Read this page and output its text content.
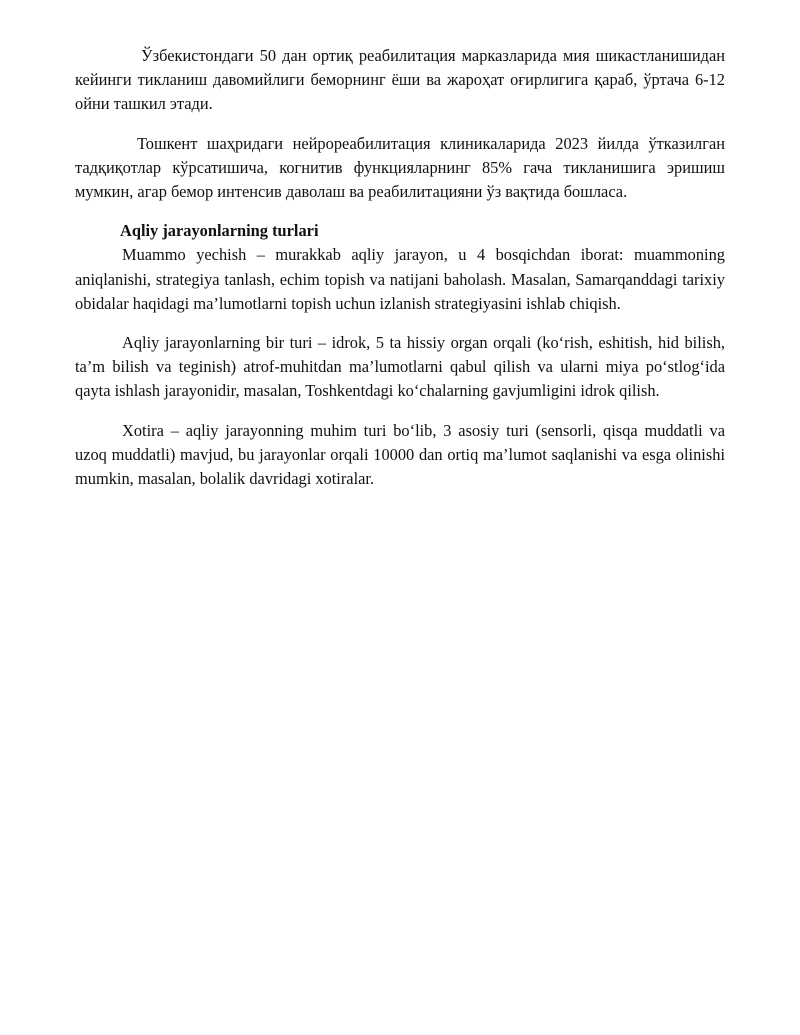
Ўзбекистондаги 50 дан ортиқ реабилитация марказларида мия шикастланишидан кейинги тикланиш давомийлиги беморнинг ёши ва жароҳат оғирлигига қараб, ўртача 6-12 ойни ташкил этади.

Тошкент шаҳридаги нейрореабилитация клиникаларида 2023 йилда ўтказилган тадқиқотлар кўрсатишича, когнитив функцияларнинг 85% гача тикланишига эришиш мумкин, агар бемор интенсив даволаш ва реабилитацияни ўз вақтида бошласа.

Aqliy jarayonlarning turlari

Muammo yechish – murakkab aqliy jarayon, u 4 bosqichdan iborat: muammoning aniqlanishi, strategiya tanlash, echim topish va natijani baholash. Masalan, Samarqanddagi tarixiy obidalar haqidagi ma’lumotlarni topish uchun izlanish strategiyasini ishlab chiqish.

Aqliy jarayonlarning bir turi – idrok, 5 ta hissiy organ orqali (ko‘rish, eshitish, hid bilish, ta’m bilish va teginish) atrof-muhitdan ma’lumotlarni qabul qilish va ularni miya po‘stlog‘ida qayta ishlash jarayonidir, masalan, Toshkentdagi ko‘chalarning gavjumligini idrok qilish.

Xotira – aqliy jarayonning muhim turi bo‘lib, 3 asosiy turi (sensorli, qisqa muddatli va uzoq muddatli) mavjud, bu jarayonlar orqali 10000 dan ortiq ma’lumot saqlanishi va esga olinishi mumkin, masalan, bolalik davridagi xotiralar.
